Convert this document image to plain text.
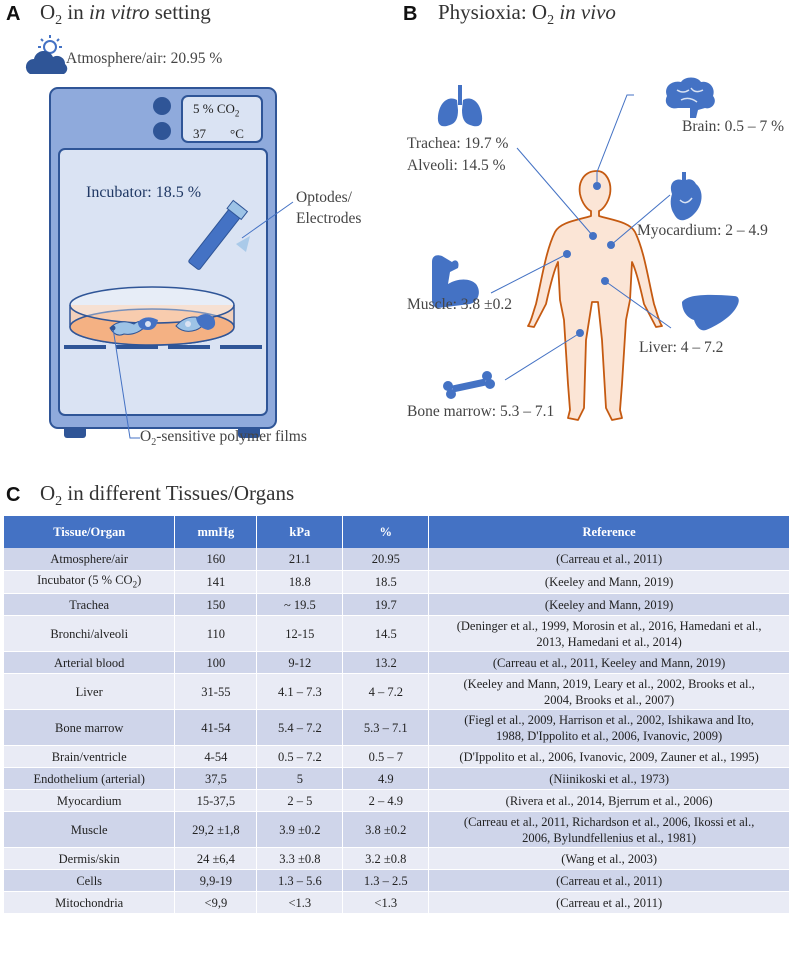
A $O_2$ in in vitro setting
Atmosphere/air: 20.95 %
5 % $CO_2$
37 °C
Incubator: 18.5 %	Optodes/
Electrodes
$O_2$-sensitive polymer films
B Physioxia: $O_2$ in vivo
Trachea: 19.7 %
Alveoli: 14.5 %
Brain: 0.5 – 7 %
Myocardium: 2 – 4.9
Muscle: 3.8 ±0.2
Liver: 4 – 7.2
Bone marrow: 5.3 – 7.1
C $O_2$ in different Tissues/Organs
Tissue/Organ	mmHg	kPa	%	Reference
Atmosphere/air	160	21.1	20.95	(Carreau et al., 2011)

Incubator (5 % $CO_2$)	141	18.8	18.5	(Keeley and Mann, 2019)

Trachea	150	~ 19.5	19.7	(Keeley and Mann, 2019)

Bronchi/alveoli	110	12-15	14.5	(Deninger et al., 1999, Morosin et al., 2016, Hamedani et al.,
2013, Hamedani et al., 2014)

Arterial blood	100	9-12	13.2	(Carreau et al., 2011, Keeley and Mann, 2019)

Liver	31-55	4.1 – 7.3	4 – 7.2	(Keeley and Mann, 2019, Leary et al., 2002, Brooks et al.,
2004, Brooks et al., 2007)

Bone marrow	41-54	5.4 – 7.2	5.3 – 7.1	(Fiegl et al., 2009, Harrison et al., 2002, Ishikawa and Ito,
1988, D'Ippolito et al., 2006, Ivanovic, 2009)

Brain/ventricle	4-54	0.5 – 7.2	0.5 – 7	(D'Ippolito et al., 2006, Ivanovic, 2009, Zauner et al., 1995)

Endothelium (arterial)	37,5	5	4.9	(Niinikoski et al., 1973)

Myocardium	15-37,5	2 – 5	2 – 4.9	(Rivera et al., 2014, Bjerrum et al., 2006)

Muscle	29,2 ±1,8	3.9 ±0.2	3.8 ±0.2	(Carreau et al., 2011, Richardson et al., 2006, Ikossi et al.,
2006, Bylundfellenius et al., 1981)

Dermis/skin	24 ±6,4	3.3 ±0.8	3.2 ±0.8	(Wang et al., 2003)

Cells	9,9-19	1.3 – 5.6	1.3 – 2.5	(Carreau et al., 2011)

Mitochondria	<9,9	<1.3	<1.3	(Carreau et al., 2011)
